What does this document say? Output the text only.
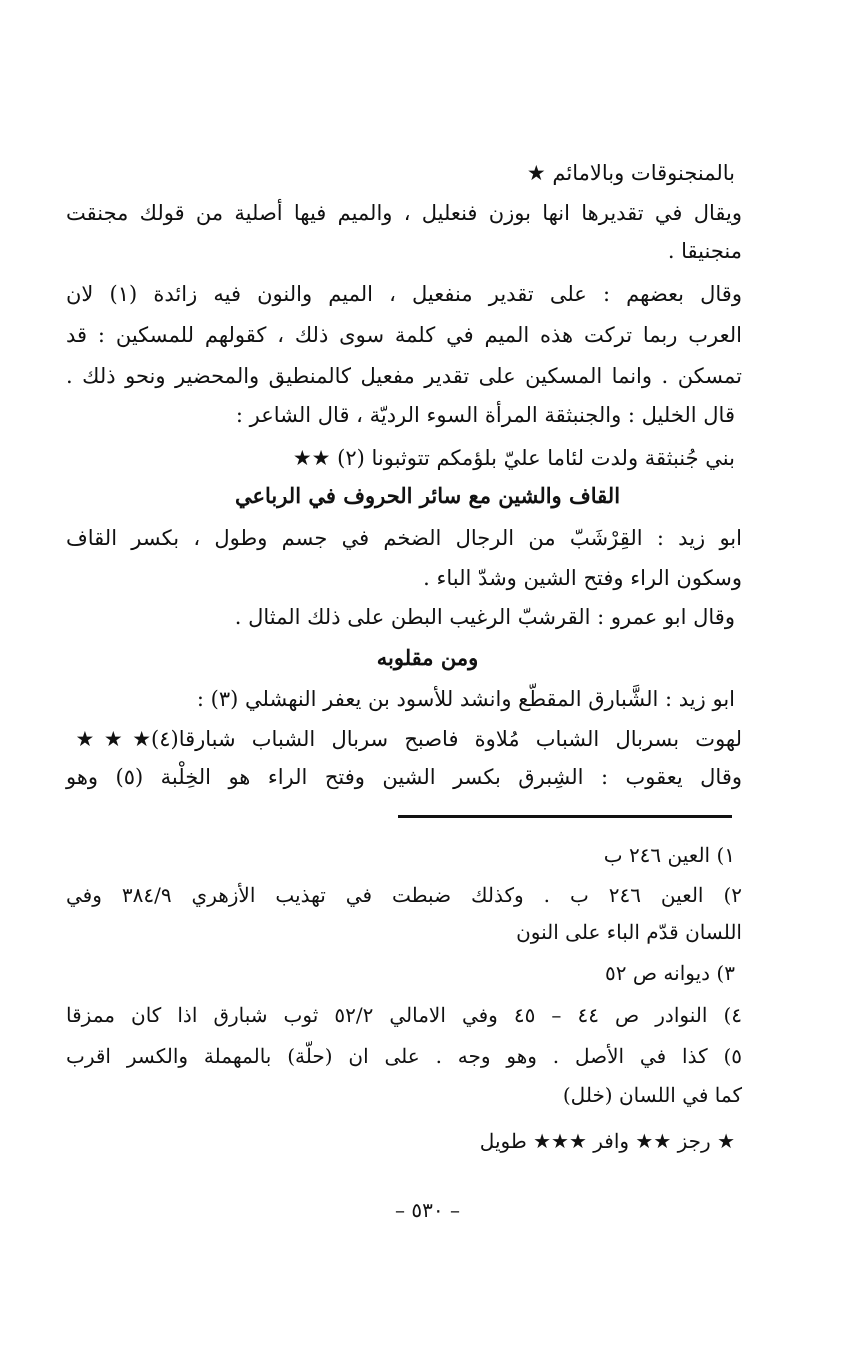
بالمنجنوقات وبالامائم ★
ويقال في تقديرها انها بوزن فنعليل ، والميم فيها أصلية من قولك مجنقت
منجنيقا .
وقال بعضهم : على تقدير منفعيل ، الميم والنون فيه زائدة (١) لان
العرب ربما تركت هذه الميم في كلمة سوى ذلك ، كقولهم للمسكين : قد
تمسكن . وانما المسكين على تقدير مفعيل كالمنطيق والمحضير ونحو ذلك .
قال الخليل : والجنبثقة المرأة السوء الرديّة ، قال الشاعر :
بني جُنبثقة ولدت لئاما عليّ بلؤمكم تتوثبونا (٢) ★★
القاف والشين مع سائر الحروف في الرباعي
ابو زيد : القِرْشَبّ من الرجال الضخم في جسم وطول ، بكسر القاف
وسكون الراء وفتح الشين وشدّ الباء .
وقال ابو عمرو : القرشبّ الرغيب البطن على ذلك المثال .
ومن مقلوبه
ابو زيد : الشَّبارق المقطّع وانشد للأسود بن يعفر النهشلي (٣) :
لهوت بسربال الشباب مُلاوة فاصبح سربال الشباب شبارقا(٤)★★★
وقال يعقوب : الشِبرق بكسر الشين وفتح الراء هو الخِلْبة (٥) وهو
١) العين ٢٤٦ ب
٢) العين ٢٤٦ ب . وكذلك ضبطت في تهذيب الأزهري ٣٨٤/٩ وفي
اللسان قدّم الباء على النون
٣) ديوانه ص ٥٢
٤) النوادر ص ٤٤ – ٤٥ وفي الامالي ٥٢/٢ ثوب شبارق اذا كان ممزقا
٥) كذا في الأصل . وهو وجه . على ان (حلّة) بالمهملة والكسر اقرب
كما في اللسان (خلل)
★ رجز ★★ وافر ★★★ طويل
– ٥٣٠ –
